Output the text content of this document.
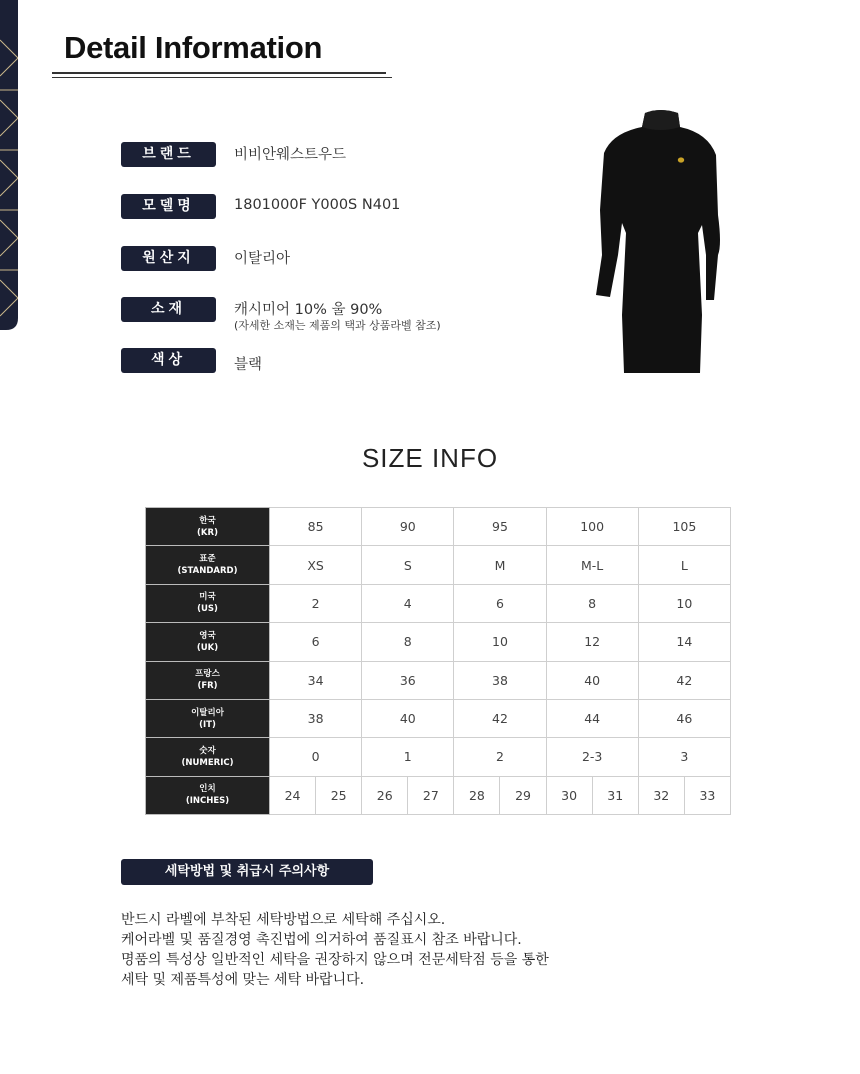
Detail Information
브랜드	비비안웨스트우드
모델명	1801000F Y000S N401
원산지	이탈리아
소재	캐시미어 10% 울 90%
(자세한 소재는 제품의 택과 상품라벨 참조)
색상	블랙
SIZE INFO
한국
(KR)	85		90		95		100		105	

표준
(STANDARD)	XS		S		M		M-L		L	

미국
(US)	2		4		6		8		10	

영국
(UK)	6		8		10		12		14	

프랑스
(FR)	34		36		38		40		42	

이탈리아
(IT)	38		40		42		44		46	

숫자
(NUMERIC)	0		1		2		2-3		3	

인치
(INCHES)	24	25	26	27	28	29	30	31	32	33
세탁방법 및 취급시 주의사항
반드시 라벨에 부착된 세탁방법으로 세탁해 주십시오.
케어라벨 및 품질경영 촉진법에 의거하여 품질표시 참조 바랍니다.
명품의 특성상 일반적인 세탁을 권장하지 않으며 전문세탁점 등을 통한
세탁 및 제품특성에 맞는 세탁 바랍니다.
